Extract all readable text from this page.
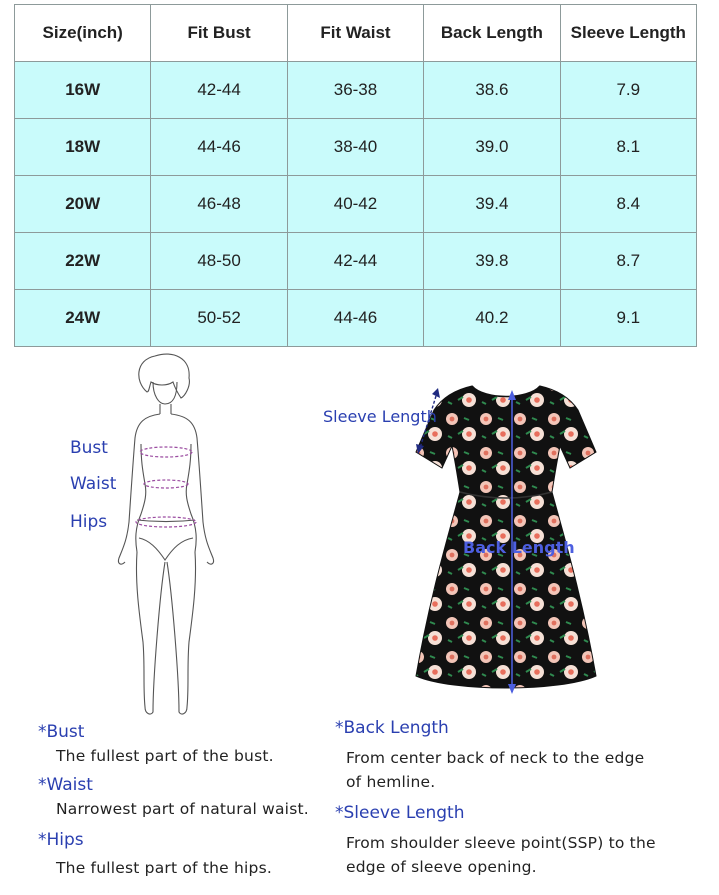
Size(inch)	Fit Bust	Fit Waist	Back Length	Sleeve Length
16W	42-44	36-38	38.6	7.9
18W	44-46	38-40	39.0	8.1
20W	46-48	40-42	39.4	8.4
22W	48-50	42-44	39.8	8.7
24W	50-52	44-46	40.2	9.1
Bust
Waist
Hips
Sleeve Length
Back Length
*Bust
The fullest part of the bust.
*Waist
Narrowest part of natural waist.
*Hips
The fullest part of the hips.
*Back Length
From center back of neck to the edge
of hemline.
*Sleeve Length
From shoulder sleeve point(SSP) to the
edge of sleeve opening.
